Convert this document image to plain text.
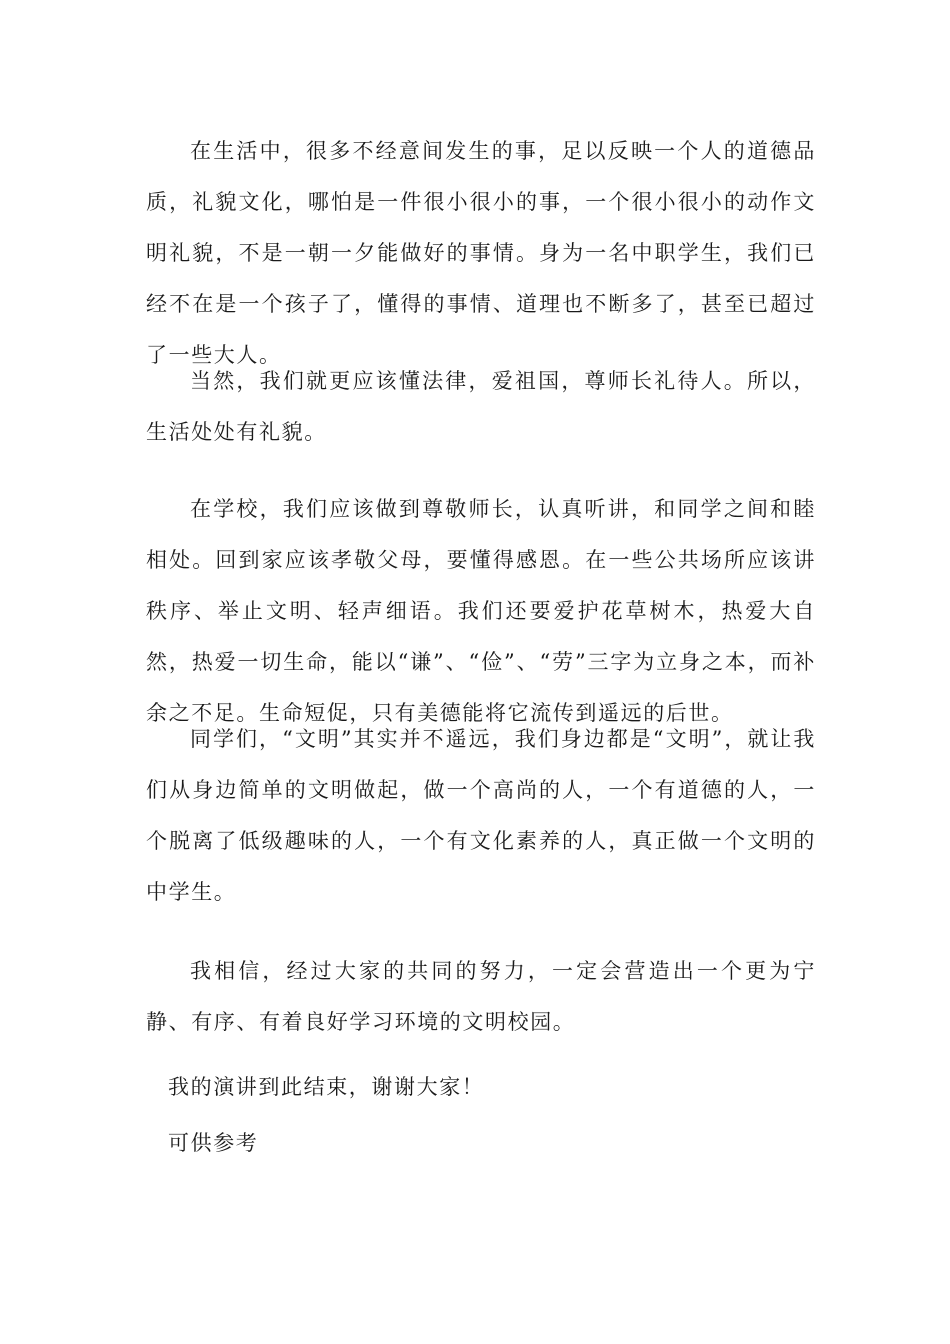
在生活中，很多不经意间发生的事，足以反映一个人的道德品质，礼貌文化，哪怕是一件很小很小的事，一个很小很小的动作文明礼貌，不是一朝一夕能做好的事情。身为一名中职学生，我们已经不在是一个孩子了，懂得的事情、道理也不断多了，甚至已超过了一些大人。

当然，我们就更应该懂法律，爱祖国，尊师长礼待人。所以，生活处处有礼貌。

在学校，我们应该做到尊敬师长，认真听讲，和同学之间和睦相处。回到家应该孝敬父母，要懂得感恩。在一些公共场所应该讲秩序、举止文明、轻声细语。我们还要爱护花草树木，热爱大自然，热爱一切生命，能以“谦”、“俭”、“劳”三字为立身之本，而补余之不足。生命短促，只有美德能将它流传到遥远的后世。

同学们，“文明”其实并不遥远，我们身边都是“文明”，就让我们从身边简单的文明做起，做一个高尚的人，一个有道德的人，一个脱离了低级趣味的人，一个有文化素养的人，真正做一个文明的中学生。

我相信，经过大家的共同的努力，一定会营造出一个更为宁静、有序、有着良好学习环境的文明校园。

我的演讲到此结束，谢谢大家！

可供参考
